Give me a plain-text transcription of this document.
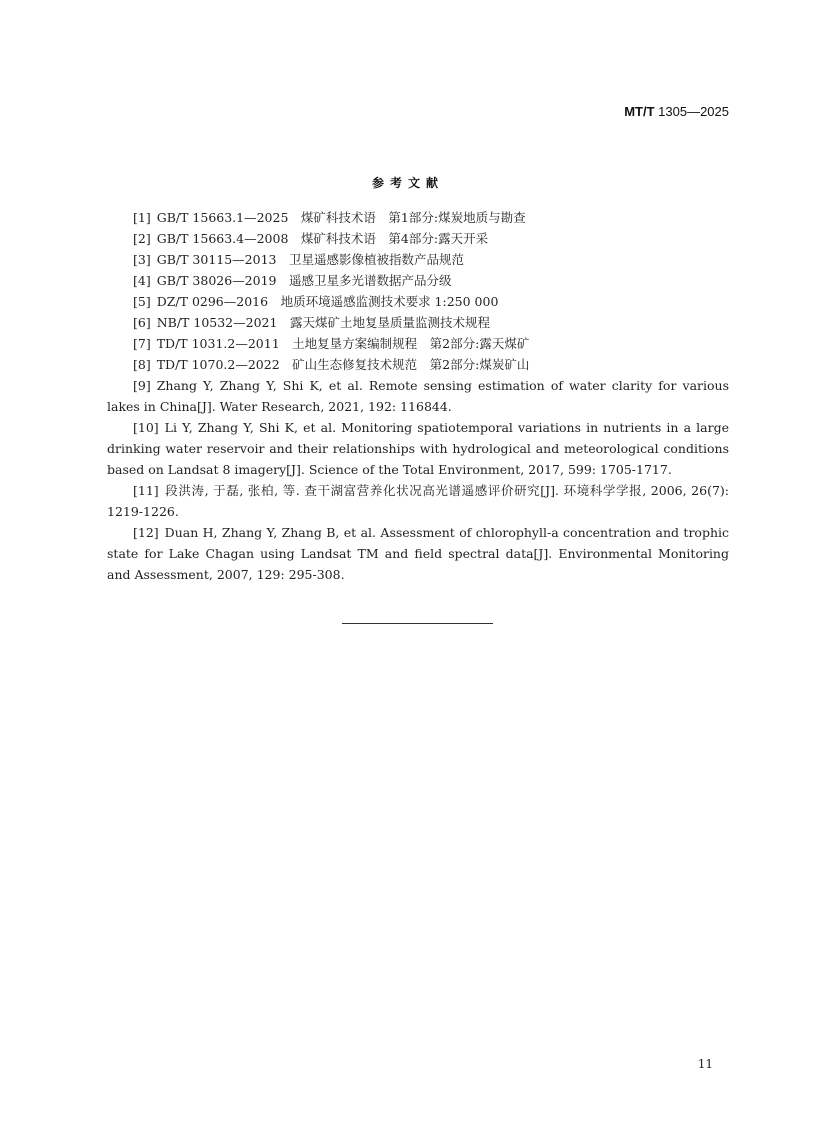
MT/T 1305—2025
参考文献

[1] GB/T 15663.1—2025　煤矿科技术语　第1部分:煤炭地质与勘查

[2] GB/T 15663.4—2008　煤矿科技术语　第4部分:露天开采

[3] GB/T 30115—2013　卫星遥感影像植被指数产品规范

[4] GB/T 38026—2019　遥感卫星多光谱数据产品分级

[5] DZ/T 0296—2016　地质环境遥感监测技术要求 1:250 000

[6] NB/T 10532—2021　露天煤矿土地复垦质量监测技术规程

[7] TD/T 1031.2—2011　土地复垦方案编制规程　第2部分:露天煤矿

[8] TD/T 1070.2—2022　矿山生态修复技术规范　第2部分:煤炭矿山

[9] Zhang Y, Zhang Y, Shi K, et al. Remote sensing estimation of water clarity for various lakes in China[J]. Water Research, 2021, 192: 116844.

[10] Li Y, Zhang Y, Shi K, et al. Monitoring spatiotemporal variations in nutrients in a large drinking water reservoir and their relationships with hydrological and meteorological conditions based on Landsat 8 imagery[J]. Science of the Total Environment, 2017, 599: 1705-1717.

[11] 段洪涛, 于磊, 张柏, 等. 查干湖富营养化状况高光谱遥感评价研究[J]. 环境科学学报, 2006, 26(7): 1219-1226.

[12] Duan H, Zhang Y, Zhang B, et al. Assessment of chlorophyll-a concentration and trophic state for Lake Chagan using Landsat TM and field spectral data[J]. Environmental Monitoring and Assessment, 2007, 129: 295-308.

11
